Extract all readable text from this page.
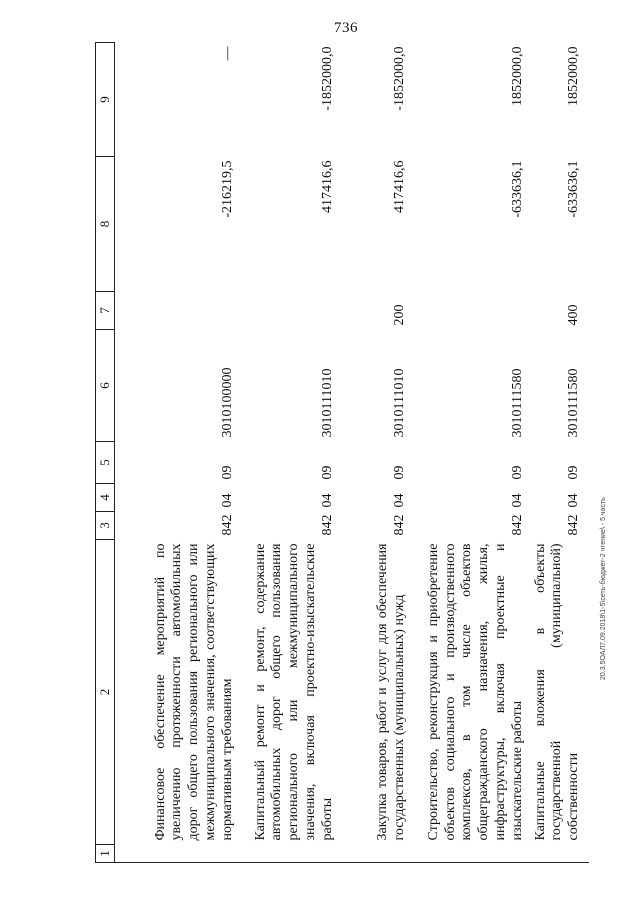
736
20.3.5ОАЛ7,09.2018\1-5\сеть-бюджет-2 чтение\ - 5 часть
1	2	3	4	5	6	7	8	9
	Финансовое обеспечение мероприятий по увеличению протяженности автомобильных дорог общего пользования регионального или межмуниципального значения, соответствующих нормативным требованиям	842	04	09	3010100000		-216219,5	—
	Капитальный ремонт и ремонт, содержание автомобильных дорог общего пользования регионального или межмуниципального значения, включая проектно-изыскательские работы	842	04	09	3010111010		417416,6	-1852000,0
	Закупка товаров, работ и услуг для обеспечения государственных (муниципальных) нужд	842	04	09	3010111010	200	417416,6	-1852000,0
	Строительство, реконструкция и приобретение объектов социального и производственного комплексов, в том числе объектов общегражданского назначения, жилья, инфраструктуры, включая проектные и изыскательские работы	842	04	09	3010111580		-633636,1	1852000,0
	Капитальные вложения в объекты государственной (муниципальной) собственности	842	04	09	3010111580	400	-633636,1	1852000,0
